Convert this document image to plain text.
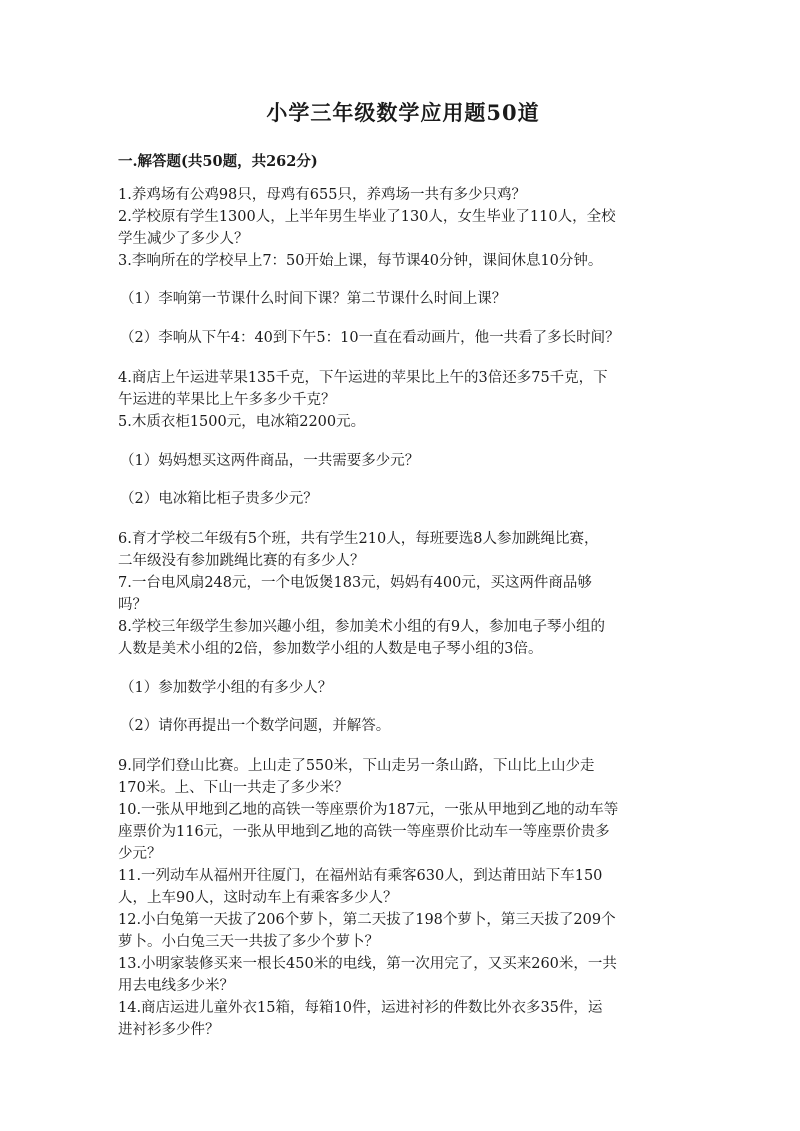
小学三年级数学应用题50道
一.解答题(共50题，共262分)

1.养鸡场有公鸡98只，母鸡有655只，养鸡场一共有多少只鸡？

2.学校原有学生1300人，上半年男生毕业了130人，女生毕业了110人，全校

学生减少了多少人？

3.李响所在的学校早上7：50开始上课，每节课40分钟，课间休息10分钟。

（1）李响第一节课什么时间下课？第二节课什么时间上课？

（2）李响从下午4：40到下午5：10一直在看动画片，他一共看了多长时间？

4.商店上午运进苹果135千克，下午运进的苹果比上午的3倍还多75千克，下

午运进的苹果比上午多多少千克？

5.木质衣柜1500元，电冰箱2200元。

（1）妈妈想买这两件商品，一共需要多少元？

（2）电冰箱比柜子贵多少元？

6.育才学校二年级有5个班，共有学生210人，每班要选8人参加跳绳比赛，

二年级没有参加跳绳比赛的有多少人？

7.一台电风扇248元，一个电饭煲183元，妈妈有400元，买这两件商品够

吗？

8.学校三年级学生参加兴趣小组，参加美术小组的有9人，参加电子琴小组的

人数是美术小组的2倍，参加数学小组的人数是电子琴小组的3倍。

（1）参加数学小组的有多少人？

（2）请你再提出一个数学问题，并解答。

9.同学们登山比赛。上山走了550米，下山走另一条山路，下山比上山少走

170米。上、下山一共走了多少米？

10.一张从甲地到乙地的高铁一等座票价为187元，一张从甲地到乙地的动车等

座票价为116元，一张从甲地到乙地的高铁一等座票价比动车一等座票价贵多

少元？

11.一列动车从福州开往厦门，在福州站有乘客630人，到达莆田站下车150

人，上车90人，这时动车上有乘客多少人？

12.小白兔第一天拔了206个萝卜，第二天拔了198个萝卜，第三天拔了209个

萝卜。小白兔三天一共拔了多少个萝卜？

13.小明家装修买来一根长450米的电线，第一次用完了，又买来260米，一共

用去电线多少米？

14.商店运进儿童外衣15箱，每箱10件，运进衬衫的件数比外衣多35件，运

进衬衫多少件？
